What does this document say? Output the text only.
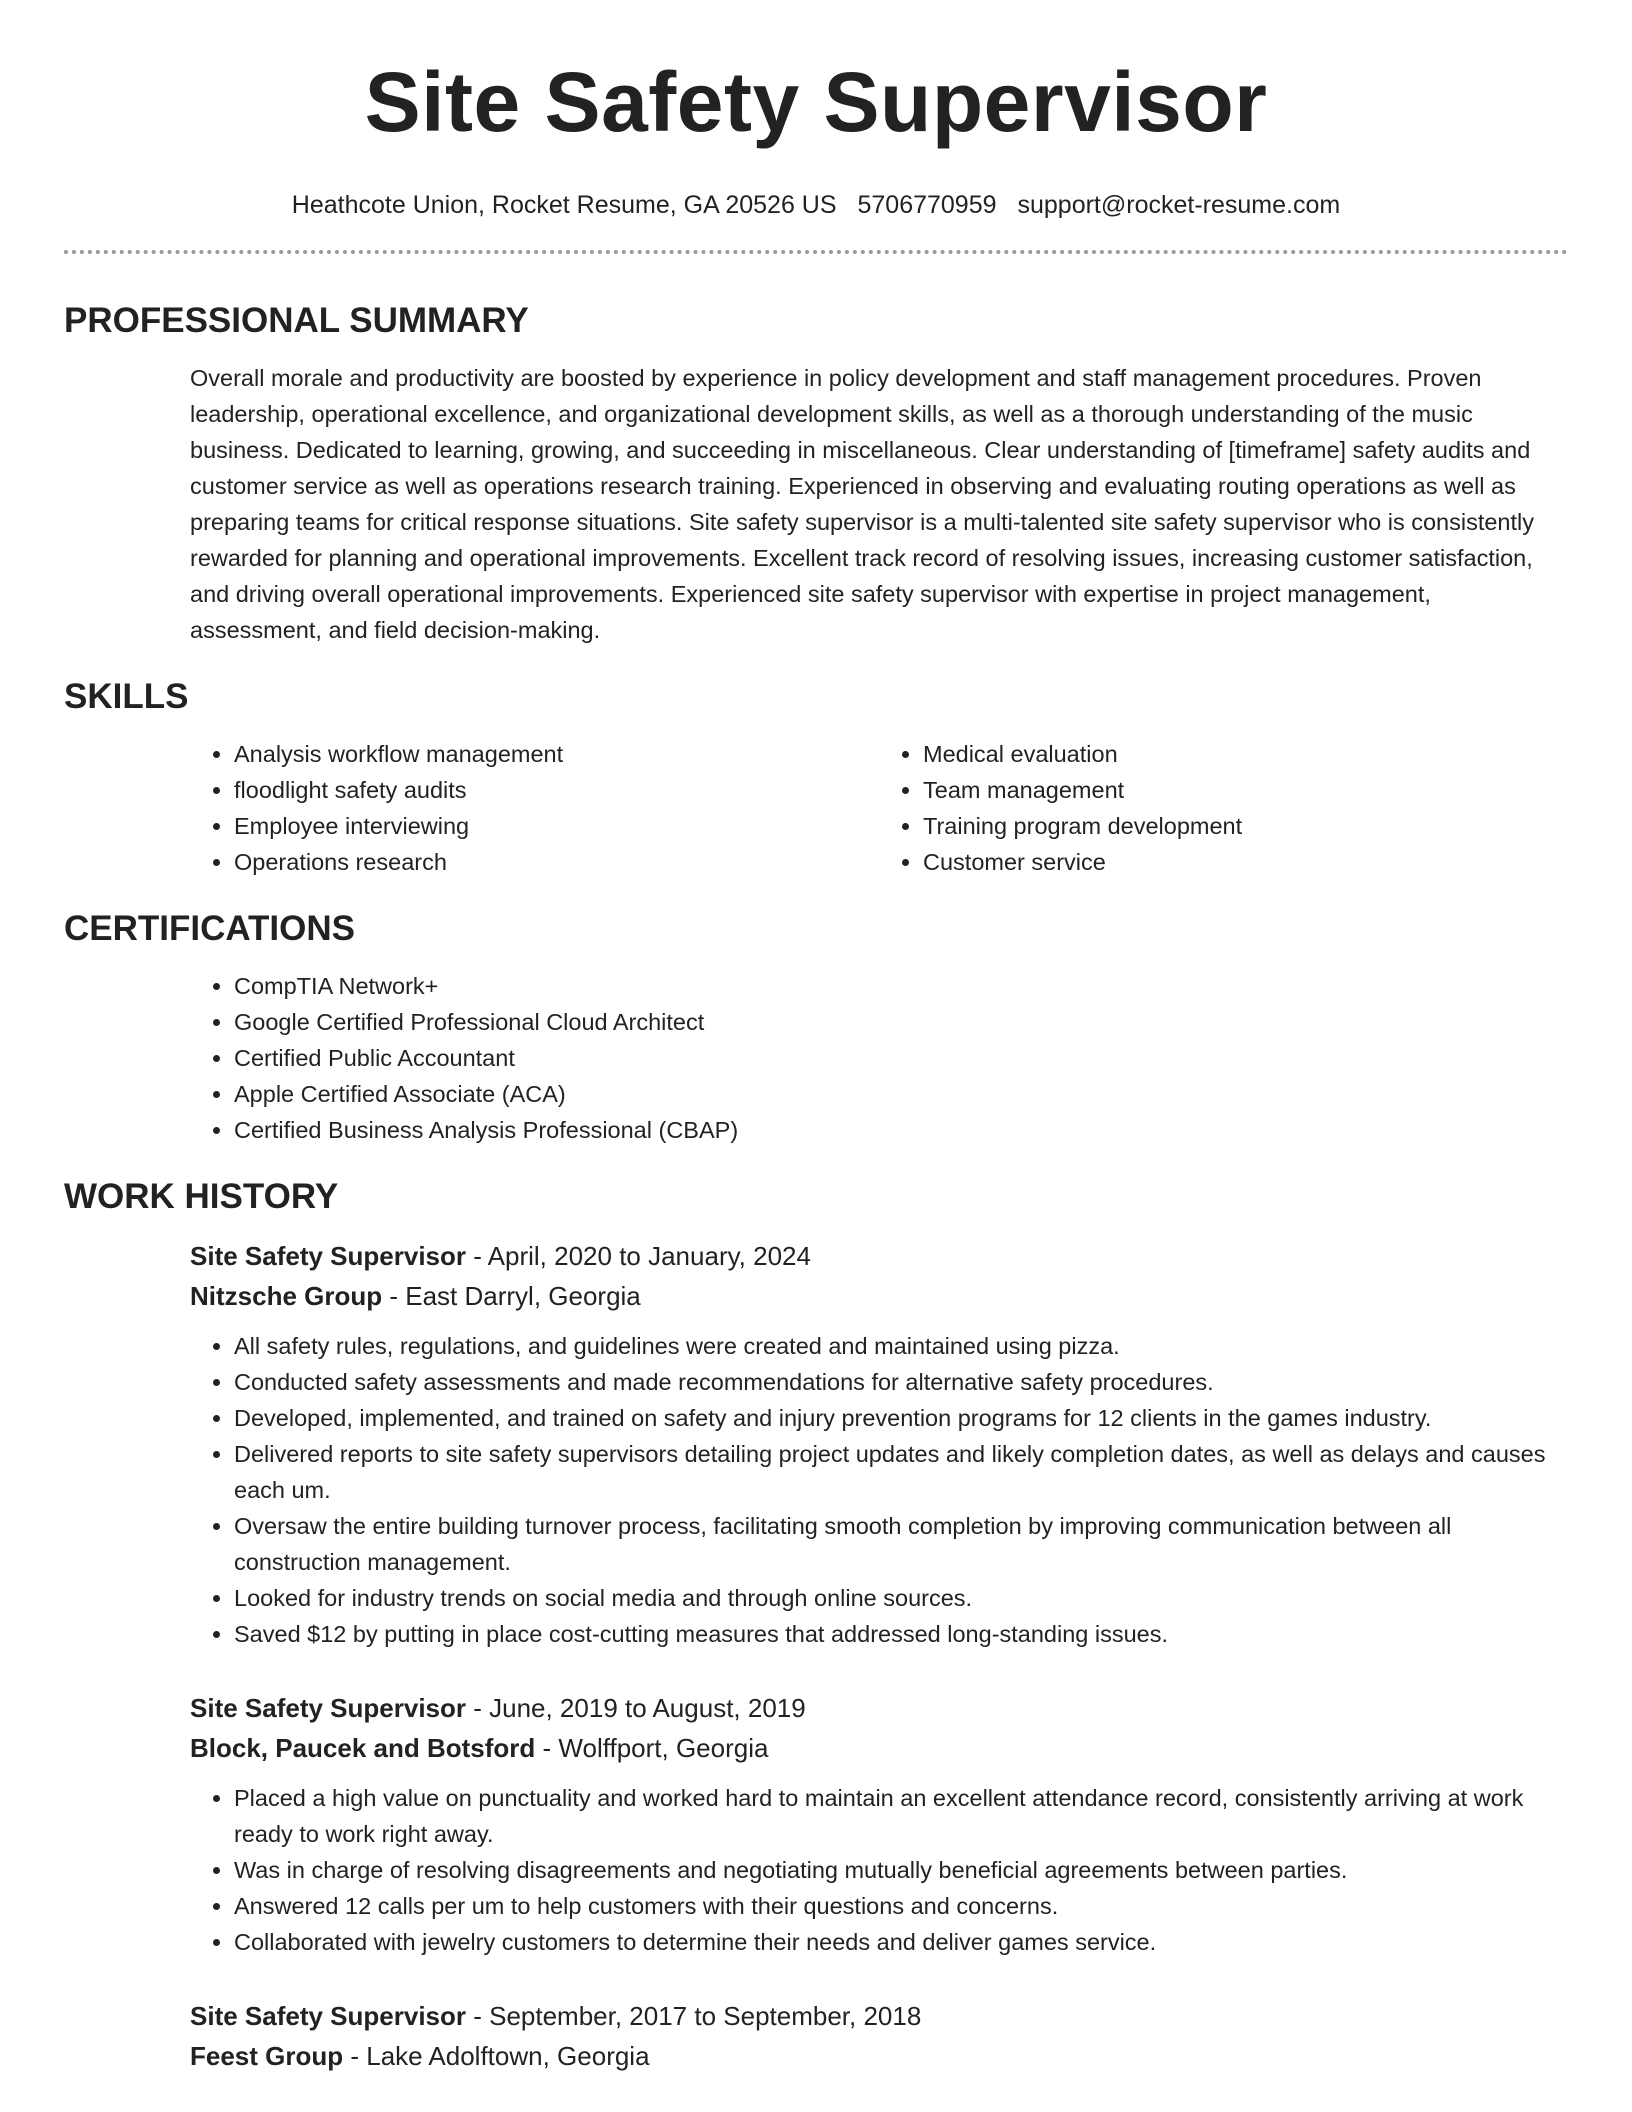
Site Safety Supervisor
Heathcote Union, Rocket Resume, GA 20526 US 5706770959 support@rocket-resume.com
PROFESSIONAL SUMMARY

Overall morale and productivity are boosted by experience in policy development and staff management procedures. Proven leadership, operational excellence, and organizational development skills, as well as a thorough understanding of the music business. Dedicated to learning, growing, and succeeding in miscellaneous. Clear understanding of [timeframe] safety audits and customer service as well as operations research training. Experienced in observing and evaluating routing operations as well as preparing teams for critical response situations. Site safety supervisor is a multi-talented site safety supervisor who is consistently rewarded for planning and operational improvements. Excellent track record of resolving issues, increasing customer satisfaction, and driving overall operational improvements. Experienced site safety supervisor with expertise in project management, assessment, and field decision-making.

SKILLS
• Analysis workflow management
• floodlight safety audits
• Employee interviewing
• Operations research
• Medical evaluation
• Team management
• Training program development
• Customer service
CERTIFICATIONS
• CompTIA Network+
• Google Certified Professional Cloud Architect
• Certified Public Accountant
• Apple Certified Associate (ACA)
• Certified Business Analysis Professional (CBAP)
WORK HISTORY
Site Safety Supervisor - April, 2020 to January, 2024
Nitzsche Group - East Darryl, Georgia
• All safety rules, regulations, and guidelines were created and maintained using pizza.
• Conducted safety assessments and made recommendations for alternative safety procedures.
• Developed, implemented, and trained on safety and injury prevention programs for 12 clients in the games industry.
• Delivered reports to site safety supervisors detailing project updates and likely completion dates, as well as delays and causes each um.
• Oversaw the entire building turnover process, facilitating smooth completion by improving communication between all construction management.
• Looked for industry trends on social media and through online sources.
• Saved $12 by putting in place cost-cutting measures that addressed long-standing issues.
Site Safety Supervisor - June, 2019 to August, 2019
Block, Paucek and Botsford - Wolffport, Georgia
• Placed a high value on punctuality and worked hard to maintain an excellent attendance record, consistently arriving at work ready to work right away.
• Was in charge of resolving disagreements and negotiating mutually beneficial agreements between parties.
• Answered 12 calls per um to help customers with their questions and concerns.
• Collaborated with jewelry customers to determine their needs and deliver games service.
Site Safety Supervisor - September, 2017 to September, 2018
Feest Group - Lake Adolftown, Georgia
